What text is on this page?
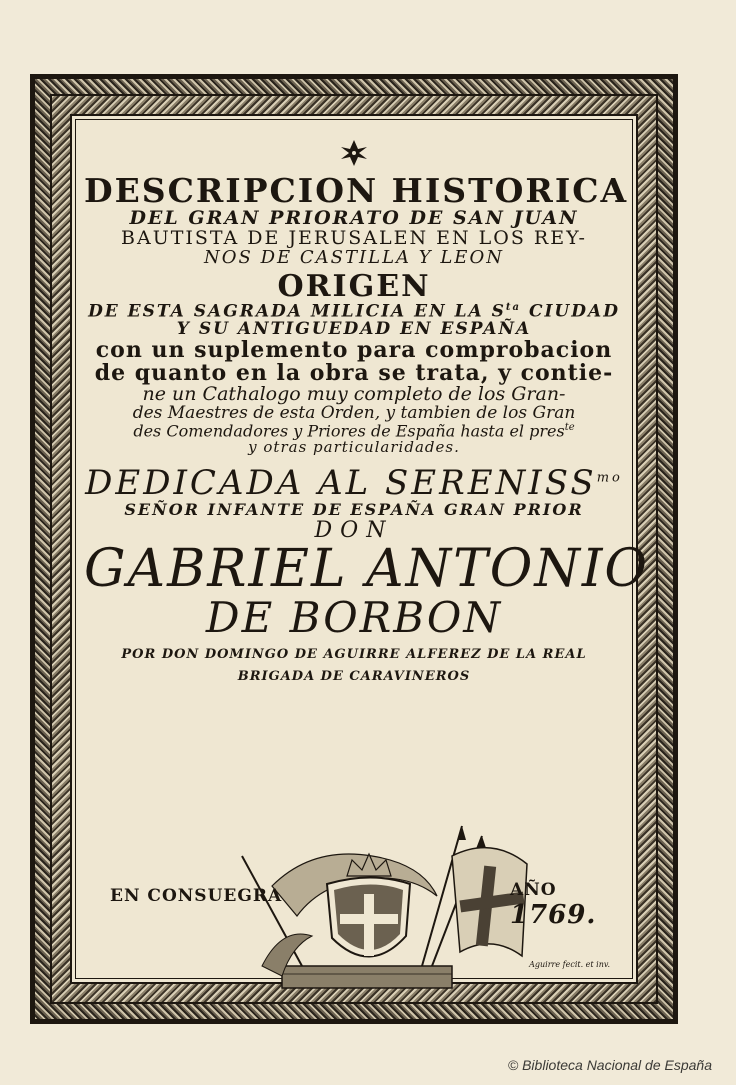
DESCRIPCION HISTORICA
DEL GRAN PRIORATO DE SAN JUAN
BAUTISTA DE JERUSALEN EN LOS REY-
NOS DE CASTILLA Y LEON
ORIGEN
DE ESTA SAGRADA MILICIA EN LA $S^{ta}$ CIUDAD
Y SU ANTIGUEDAD EN ESPAÑA
con un suplemento para comprobacion
de quanto en la obra se trata, y contie-
ne un Cathalogo muy completo de los Gran-
des Maestres de esta Orden, y tambien de los Gran
des Comendadores y Priores de España hasta el pres$^{te}$
y otras particularidades.
DEDICADA AL $SERENISS^{mo}$
SEÑOR INFANTE DE ESPAÑA GRAN PRIOR
DON
GABRIEL ANTONIO
DE BORBON
POR DON DOMINGO DE AGUIRRE ALFEREZ DE LA REAL
BRIGADA DE CARAVINEROS
EN CONSUEGRA	AÑO 1769.
Aguirre fecit. et inv.
© Biblioteca Nacional de España
